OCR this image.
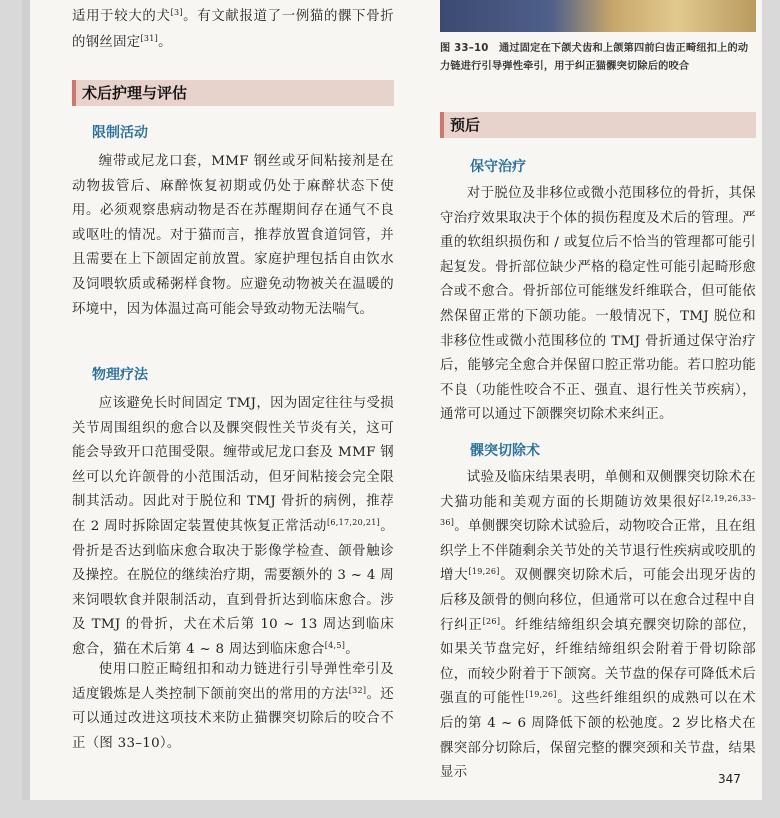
适用于较大的犬[3]。有文献报道了一例猫的髁下骨折的钢丝固定[31]。

术后护理与评估
限制活动

缠带或尼龙口套，MMF 钢丝或牙间粘接剂是在动物拔管后、麻醉恢复初期或仍处于麻醉状态下使用。必须观察患病动物是否在苏醒期间存在通气不良或呕吐的情况。对于猫而言，推荐放置食道饲管，并且需要在上下颌固定前放置。家庭护理包括自由饮水及饲喂软质或稀粥样食物。应避免动物被关在温暖的环境中，因为体温过高可能会导致动物无法喘气。

物理疗法

应该避免长时间固定 TMJ，因为固定往往与受损关节周围组织的愈合以及髁突假性关节炎有关，这可能会导致开口范围受限。缠带或尼龙口套及 MMF 钢丝可以允许颌骨的小范围活动，但牙间粘接会完全限制其活动。因此对于脱位和 TMJ 骨折的病例，推荐在 2 周时拆除固定装置使其恢复正常活动[6,17,20,21]。骨折是否达到临床愈合取决于影像学检查、颌骨触诊及操控。在脱位的继续治疗期，需要额外的 3 ~ 4 周来饲喂软食并限制活动，直到骨折达到临床愈合。涉及 TMJ 的骨折，犬在术后第 10 ~ 13 周达到临床愈合，猫在术后第 4 ~ 8 周达到临床愈合[4,5]。

使用口腔正畸纽扣和动力链进行引导弹性牵引及适度锻炼是人类控制下颌前突出的常用的方法[32]。还可以通过改进这项技术来防止猫髁突切除后的咬合不正（图 33–10）。

图 33–10　通过固定在下颌犬齿和上颌第四前臼齿正畸纽扣上的动力链进行引导弹性牵引，用于纠正猫髁突切除后的咬合
预后
保守治疗

对于脱位及非移位或微小范围移位的骨折，其保守治疗效果取决于个体的损伤程度及术后的管理。严重的软组织损伤和 / 或复位后不恰当的管理都可能引起复发。骨折部位缺少严格的稳定性可能引起畸形愈合或不愈合。骨折部位可能继发纤维联合，但可能依然保留正常的下颌功能。一般情况下，TMJ 脱位和非移位性或微小范围移位的 TMJ 骨折通过保守治疗后，能够完全愈合并保留口腔正常功能。若口腔功能不良（功能性咬合不正、强直、退行性关节疾病），通常可以通过下颌髁突切除术来纠正。

髁突切除术

试验及临床结果表明，单侧和双侧髁突切除术在犬猫功能和美观方面的长期随访效果很好[2,19,26,33–36]。单侧髁突切除术试验后，动物咬合正常，且在组织学上不伴随剩余关节处的关节退行性疾病或咬肌的增大[19,26]。双侧髁突切除术后，可能会出现牙齿的后移及颌骨的侧向移位，但通常可以在愈合过程中自行纠正[26]。纤维结缔组织会填充髁突切除的部位，如果关节盘完好，纤维结缔组织会附着于骨切除部位，而较少附着于下颌窝。关节盘的保存可降低术后强直的可能性[19,26]。这些纤维组织的成熟可以在术后的第 4 ~ 6 周降低下颌的松弛度。2 岁比格犬在髁突部分切除后，保留完整的髁突颈和关节盘，结果显示	347
